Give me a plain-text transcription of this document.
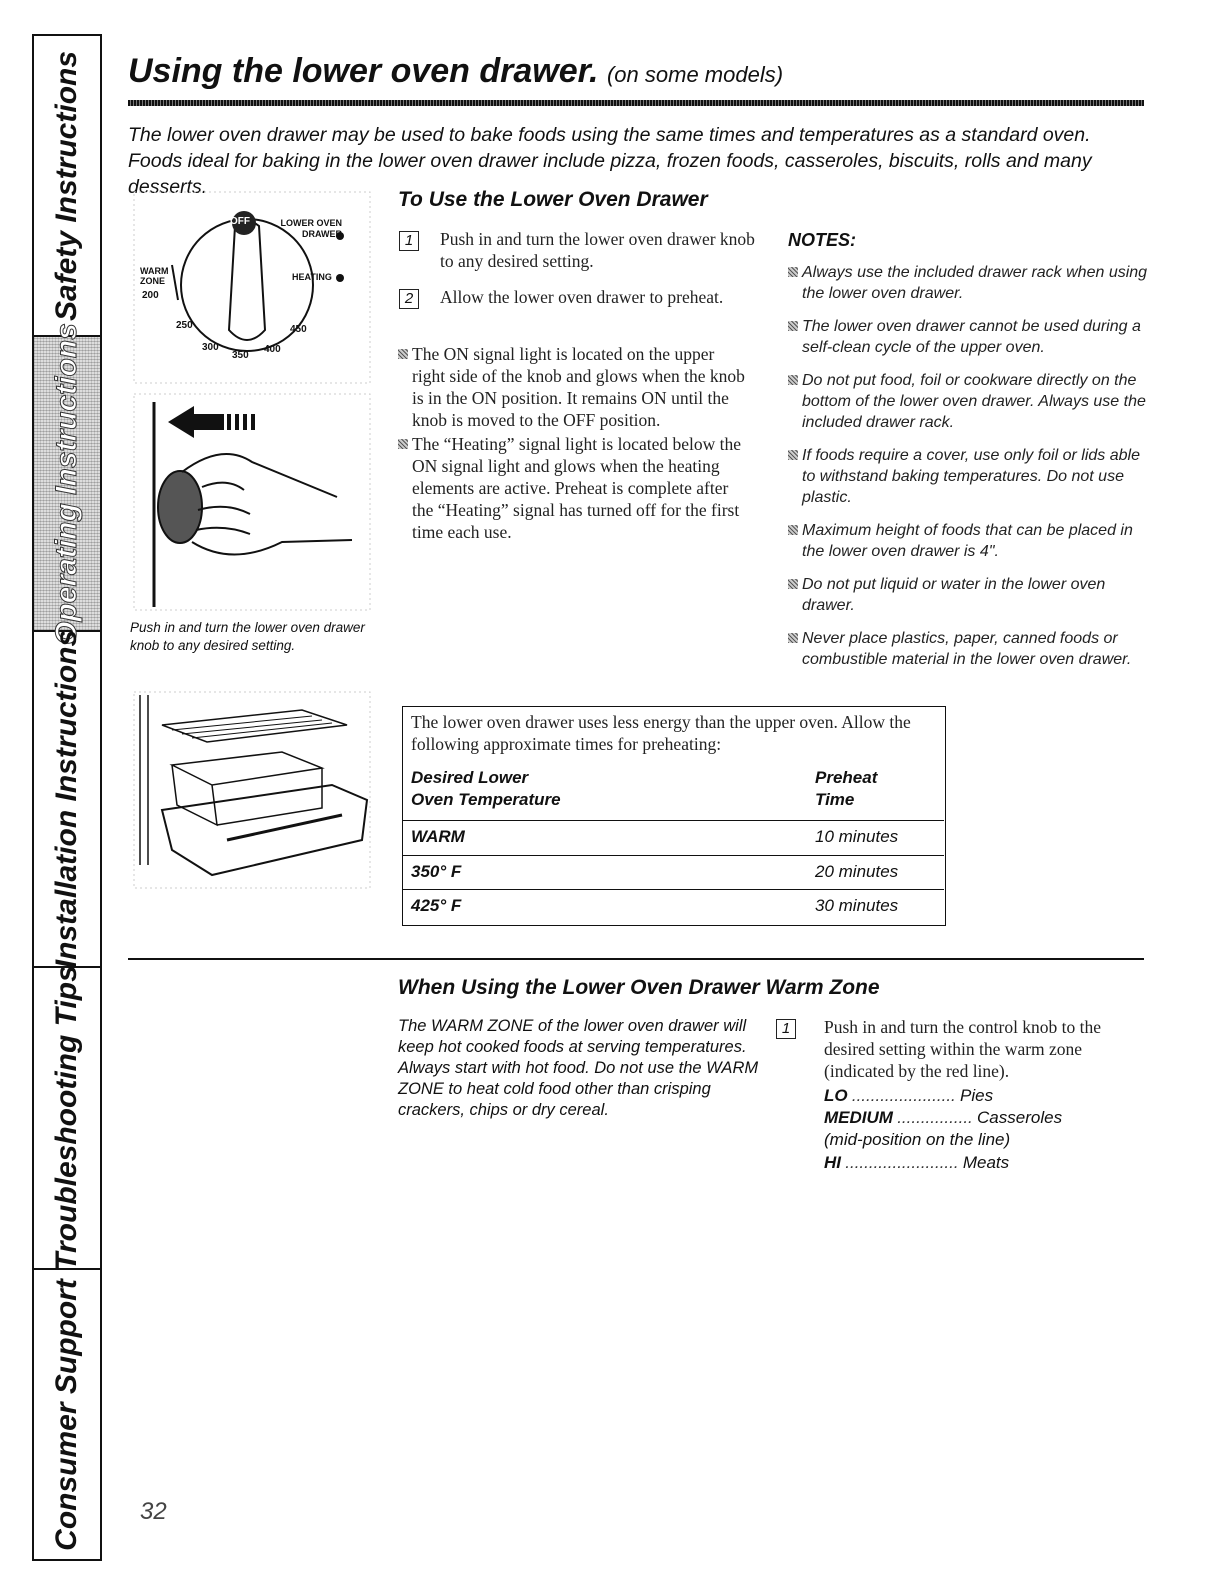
Safety Instructions
Operating Instructions
Installation Instructions
Troubleshooting Tips
Consumer Support
Using the lower oven drawer. (on some models)
The lower oven drawer may be used to bake foods using the same times and temperatures as a standard oven. Foods ideal for baking in the lower oven drawer include pizza, frozen foods, casseroles, biscuits, rolls and many desserts.
OFF	LOWER OVEN DRAWER
HEATING
WARM ZONE
200
250
300
350
400
450
Push in and turn the lower oven drawer knob to any desired setting.
To Use the Lower Oven Drawer
1	Push in and turn the lower oven drawer knob to any desired setting.
2	Allow the lower oven drawer to preheat.
The ON signal light is located on the upper right side of the knob and glows when the knob is in the ON position. It remains ON until the knob is moved to the OFF position.
The “Heating” signal light is located below the ON signal light and glows when the heating elements are active. Preheat is complete after the “Heating” signal has turned off for the first time each use.
NOTES:
Always use the included drawer rack when using the lower oven drawer.
The lower oven drawer cannot be used during a self-clean cycle of the upper oven.
Do not put food, foil or cookware directly on the bottom of the lower oven drawer. Always use the included drawer rack.
If foods require a cover, use only foil or lids able to withstand baking temperatures. Do not use plastic.
Maximum height of foods that can be placed in the lower oven drawer is 4".
Do not put liquid or water in the lower oven drawer.
Never place plastics, paper, canned foods or combustible material in the lower oven drawer.
The lower oven drawer uses less energy than the upper oven. Allow the following approximate times for preheating:
Desired Lower
Oven Temperature
Preheat
Time
WARM	10 minutes
350° F	20 minutes
425° F	30 minutes
When Using the Lower Oven Drawer Warm Zone
The WARM ZONE of the lower oven drawer will keep hot cooked foods at serving temperatures. Always start with hot food. Do not use the WARM ZONE to heat cold food other than crisping crackers, chips or dry cereal.
1	Push in and turn the control knob to the desired setting within the warm zone (indicated by the red line).
LO ...................... Pies
MEDIUM ................ Casseroles
(mid-position on the line)
HI ........................ Meats
32
